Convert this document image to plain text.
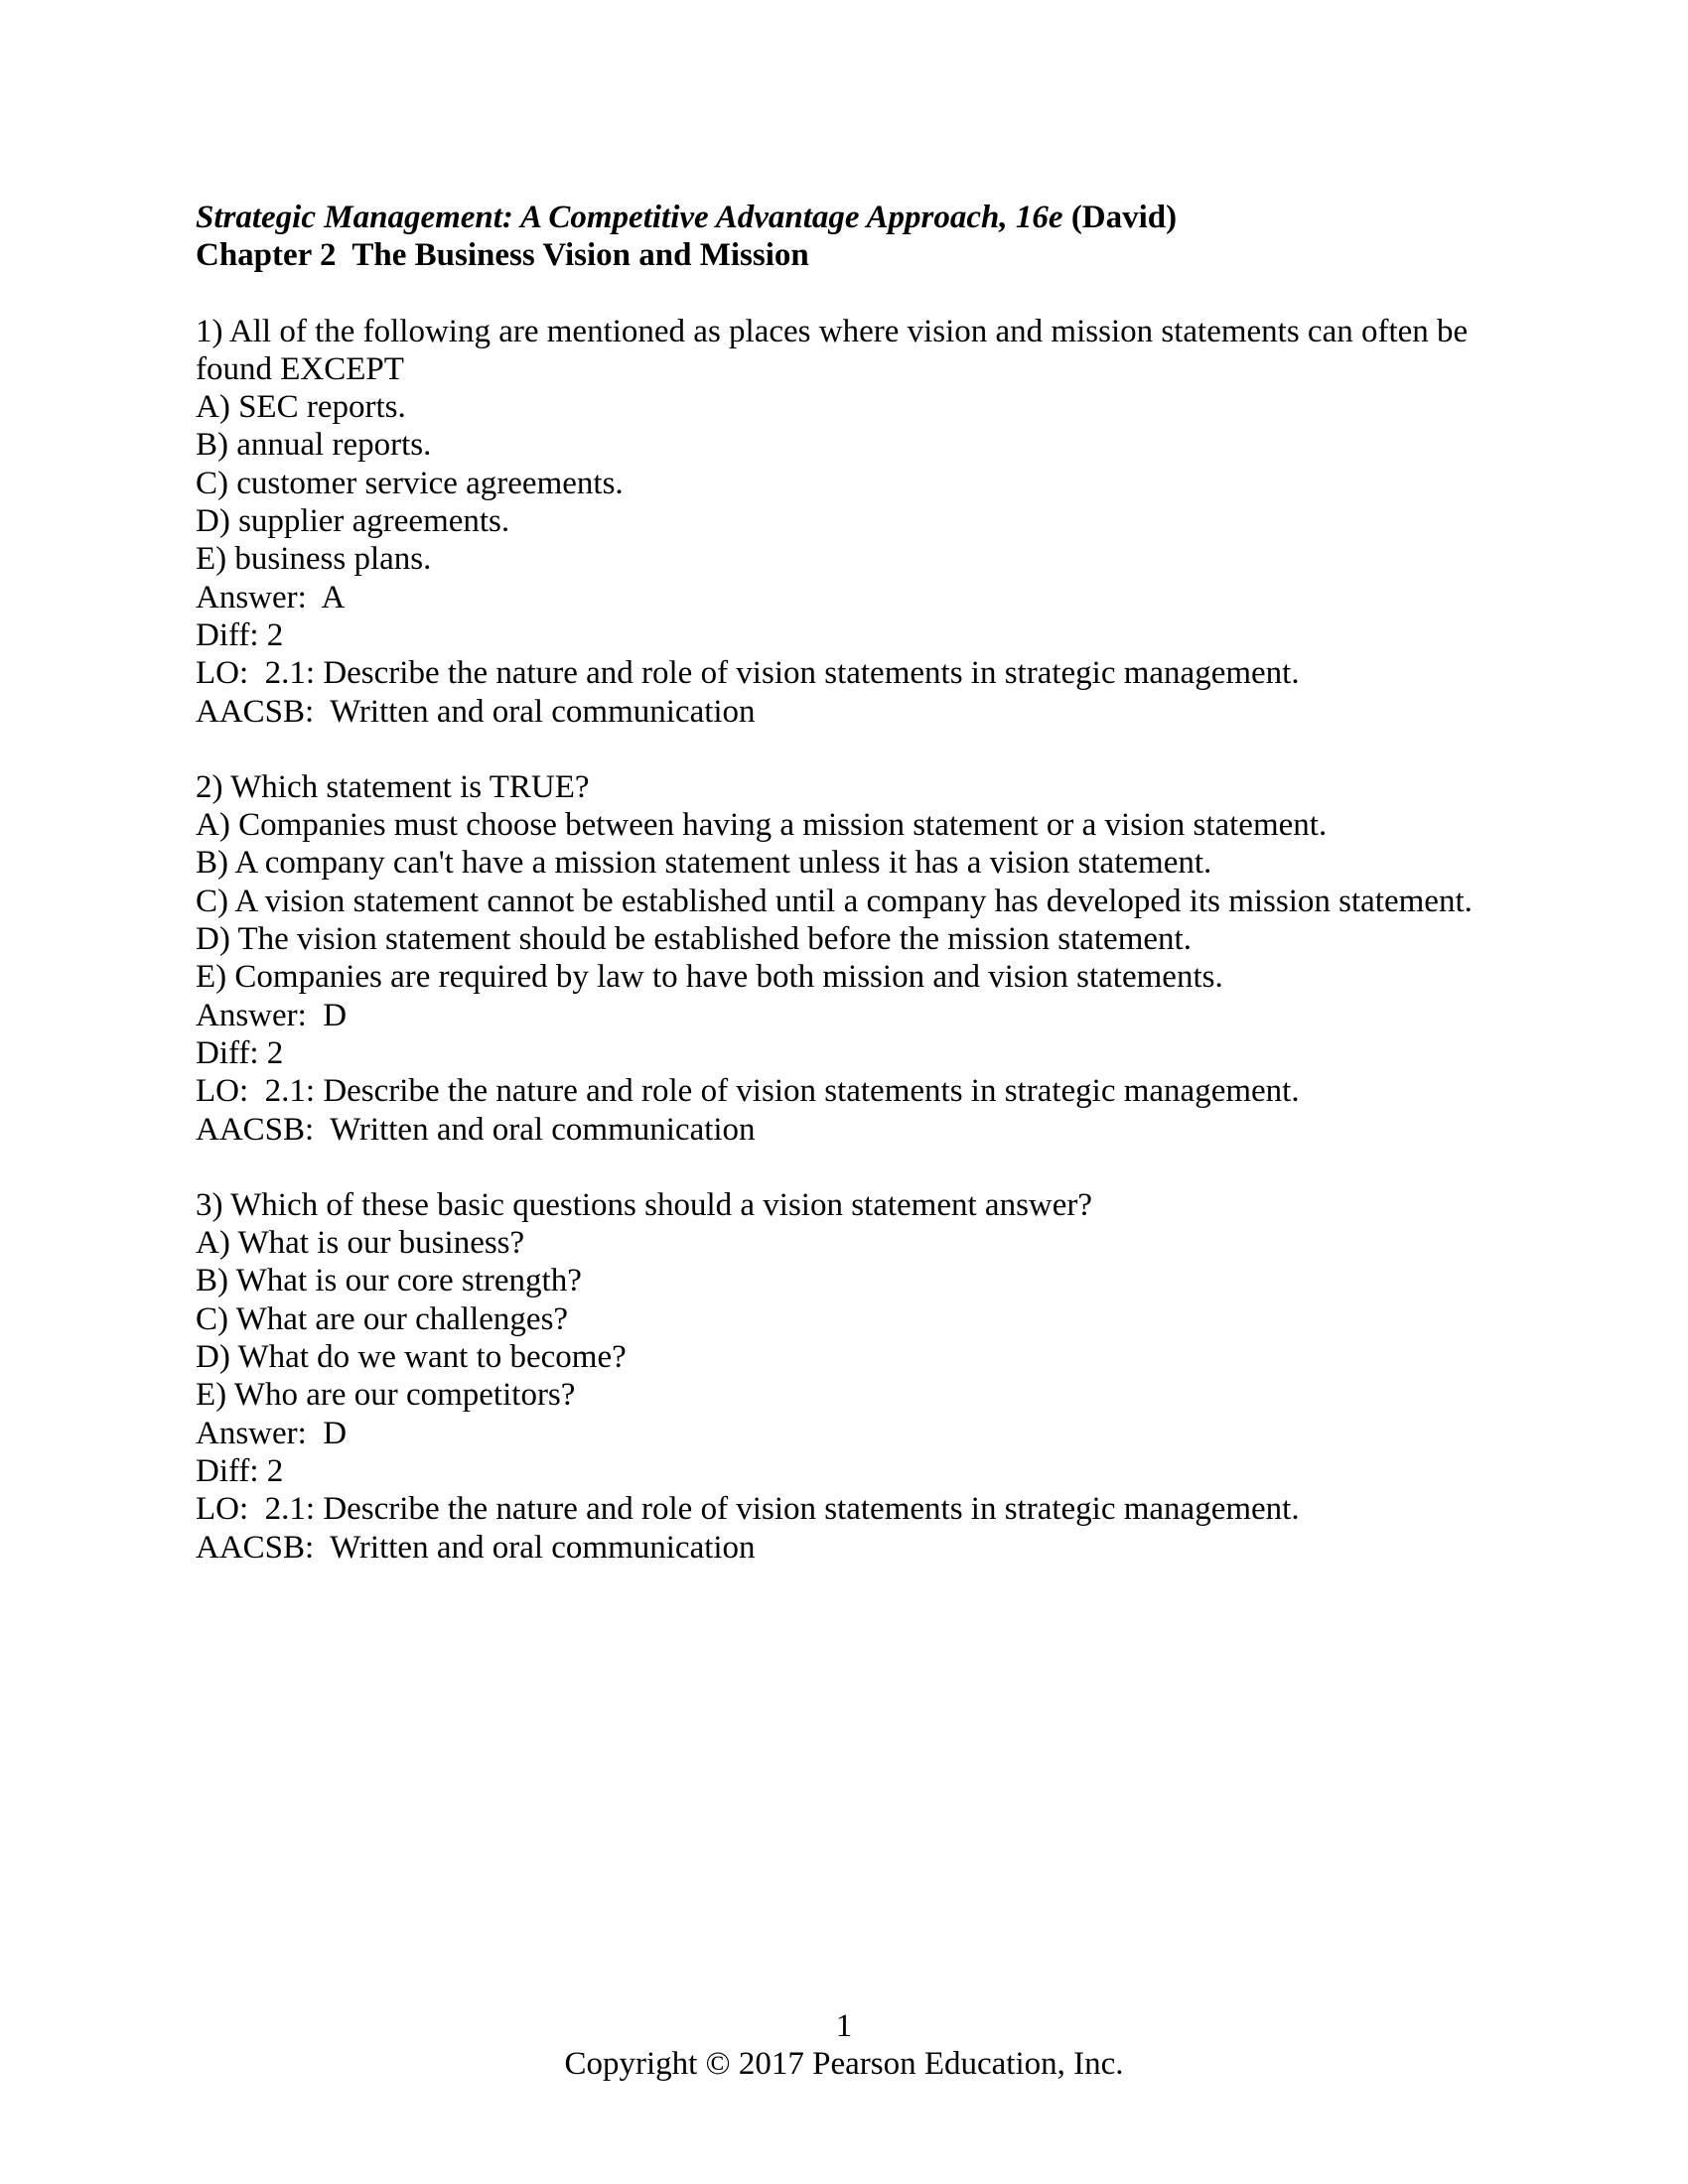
Strategic Management: A Competitive Advantage Approach, 16e (David)
Chapter 2  The Business Vision and Mission
1) All of the following are mentioned as places where vision and mission statements can often be found EXCEPT
A) SEC reports.
B) annual reports.
C) customer service agreements.
D) supplier agreements.
E) business plans.
Answer:  A
Diff: 2
LO:  2.1: Describe the nature and role of vision statements in strategic management.
AACSB:  Written and oral communication
2) Which statement is TRUE?
A) Companies must choose between having a mission statement or a vision statement.
B) A company can't have a mission statement unless it has a vision statement.
C) A vision statement cannot be established until a company has developed its mission statement.
D) The vision statement should be established before the mission statement.
E) Companies are required by law to have both mission and vision statements.
Answer:  D
Diff: 2
LO:  2.1: Describe the nature and role of vision statements in strategic management.
AACSB:  Written and oral communication
3) Which of these basic questions should a vision statement answer?
A) What is our business?
B) What is our core strength?
C) What are our challenges?
D) What do we want to become?
E) Who are our competitors?
Answer:  D
Diff: 2
LO:  2.1: Describe the nature and role of vision statements in strategic management.
AACSB:  Written and oral communication
1
Copyright © 2017 Pearson Education, Inc.
